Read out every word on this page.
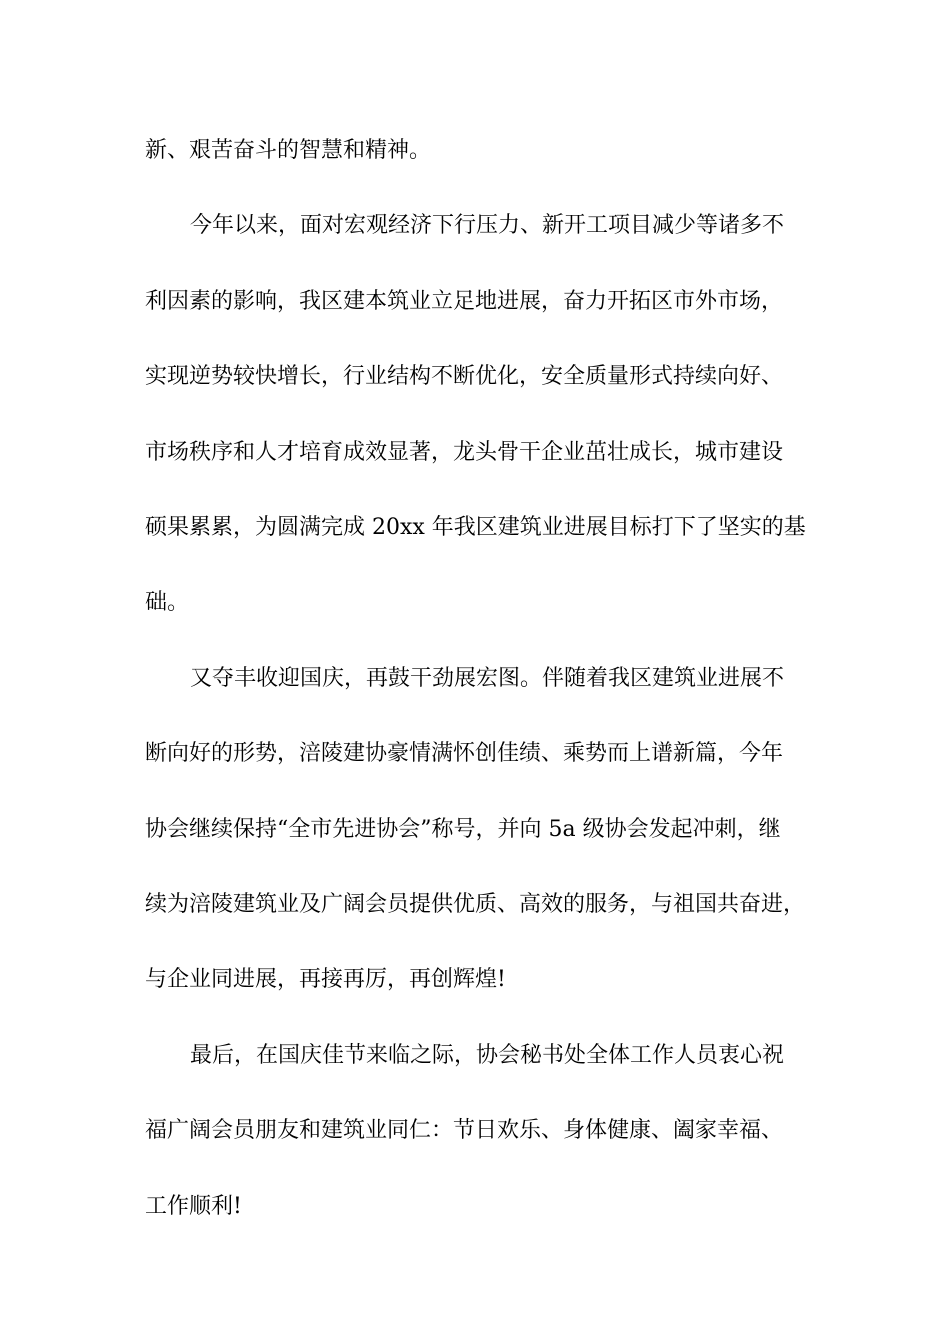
新、艰苦奋斗的智慧和精神。
今年以来，面对宏观经济下行压力、新开工项目减少等诸多不
利因素的影响，我区建本筑业立足地进展，奋力开拓区市外市场，
实现逆势较快增长，行业结构不断优化，安全质量形式持续向好、
市场秩序和人才培育成效显著，龙头骨干企业茁壮成长，城市建设
硕果累累，为圆满完成 20xx 年我区建筑业进展目标打下了坚实的基
础。
又夺丰收迎国庆，再鼓干劲展宏图。伴随着我区建筑业进展不
断向好的形势，涪陵建协豪情满怀创佳绩、乘势而上谱新篇，今年
协会继续保持“全市先进协会”称号，并向 5a 级协会发起冲刺，继
续为涪陵建筑业及广阔会员提供优质、高效的服务，与祖国共奋进，
与企业同进展，再接再厉，再创辉煌!
最后，在国庆佳节来临之际，协会秘书处全体工作人员衷心祝
福广阔会员朋友和建筑业同仁：节日欢乐、身体健康、阖家幸福、
工作顺利!
